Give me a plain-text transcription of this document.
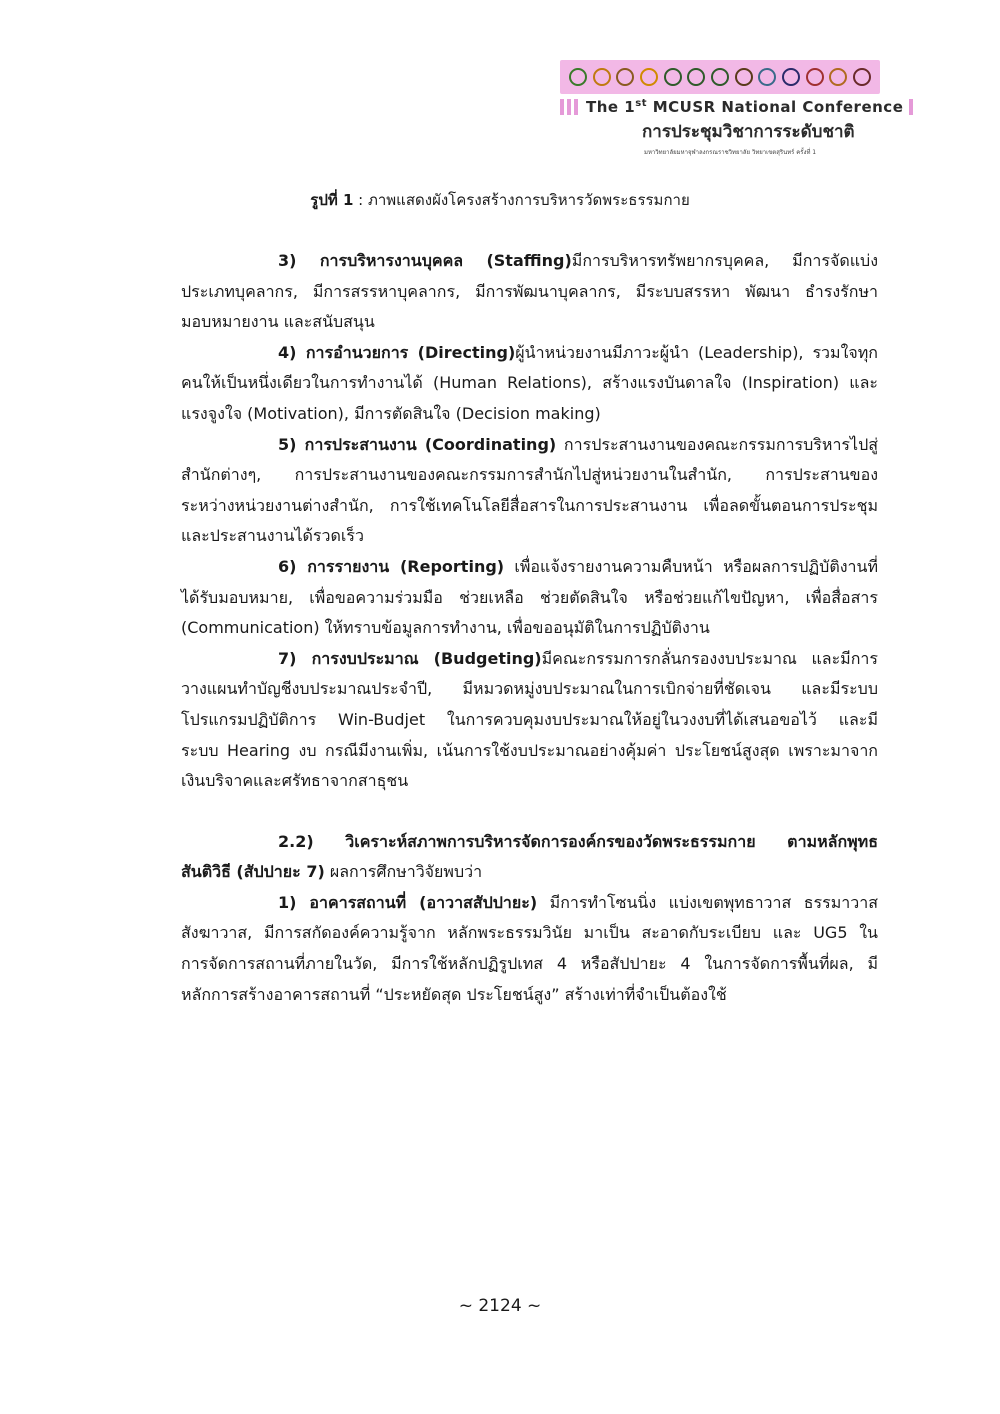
The 1st MCUSR National Conference
การประชุมวิชาการระดับชาติ
มหาวิทยาลัยมหาจุฬาลงกรณราชวิทยาลัย วิทยาเขตสุรินทร์ ครั้งที่ 1
รูปที่ 1 : ภาพแสดงผังโครงสร้างการบริหารวัดพระธรรมกาย
3) การบริหารงานบุคคล (Staffing)มีการบริหารทรัพยากรบุคคล, มีการจัดแบ่ง
ประเภทบุคลากร, มีการสรรหาบุคลากร, มีการพัฒนาบุคลากร, มีระบบสรรหา พัฒนา ธำรงรักษา
มอบหมายงาน และสนับสนุน
4) การอำนวยการ (Directing)ผู้นำหน่วยงานมีภาวะผู้นำ (Leadership), รวมใจทุก
คนให้เป็นหนึ่งเดียวในการทำงานได้ (Human Relations), สร้างแรงบันดาลใจ (Inspiration) และ
แรงจูงใจ (Motivation), มีการตัดสินใจ (Decision making)
5) การประสานงาน (Coordinating) การประสานงานของคณะกรรมการบริหารไปสู่
สำนักต่างๆ, การประสานงานของคณะกรรมการสำนักไปสู่หน่วยงานในสำนัก, การประสานของ
ระหว่างหน่วยงานต่างสำนัก, การใช้เทคโนโลยีสื่อสารในการประสานงาน เพื่อลดขั้นตอนการประชุม
และประสานงานได้รวดเร็ว
6) การรายงาน (Reporting) เพื่อแจ้งรายงานความคืบหน้า หรือผลการปฏิบัติงานที่
ได้รับมอบหมาย, เพื่อขอความร่วมมือ ช่วยเหลือ ช่วยตัดสินใจ หรือช่วยแก้ไขปัญหา, เพื่อสื่อสาร
(Communication) ให้ทราบข้อมูลการทำงาน, เพื่อขออนุมัติในการปฏิบัติงาน
7) การงบประมาณ (Budgeting)มีคณะกรรมการกลั่นกรองงบประมาณ และมีการ
วางแผนทำบัญชีงบประมาณประจำปี, มีหมวดหมู่งบประมาณในการเบิกจ่ายที่ชัดเจน และมีระบบ
โปรแกรมปฏิบัติการ Win-Budjet ในการควบคุมงบประมาณให้อยู่ในวงงบที่ได้เสนอขอไว้ และมี
ระบบ Hearing งบ กรณีมีงานเพิ่ม, เน้นการใช้งบประมาณอย่างคุ้มค่า ประโยชน์สูงสุด เพราะมาจาก
เงินบริจาคและศรัทธาจากสาธุชน
2.2) วิเคราะห์สภาพการบริหารจัดการองค์กรของวัดพระธรรมกาย ตามหลักพุทธ
สันติวิธี (สัปปายะ 7) ผลการศึกษาวิจัยพบว่า
1) อาคารสถานที่ (อาวาสสัปปายะ) มีการทำโซนนิ่ง แบ่งเขตพุทธาวาส ธรรมาวาส
สังฆาวาส, มีการสกัดองค์ความรู้จาก หลักพระธรรมวินัย มาเป็น สะอาดกับระเบียบ และ UG5 ใน
การจัดการสถานที่ภายในวัด, มีการใช้หลักปฏิรูปเทส 4 หรือสัปปายะ 4 ในการจัดการพื้นที่ผล, มี
หลักการสร้างอาคารสถานที่ “ประหยัดสุด ประโยชน์สูง” สร้างเท่าที่จำเป็นต้องใช้
~ 2124 ~
